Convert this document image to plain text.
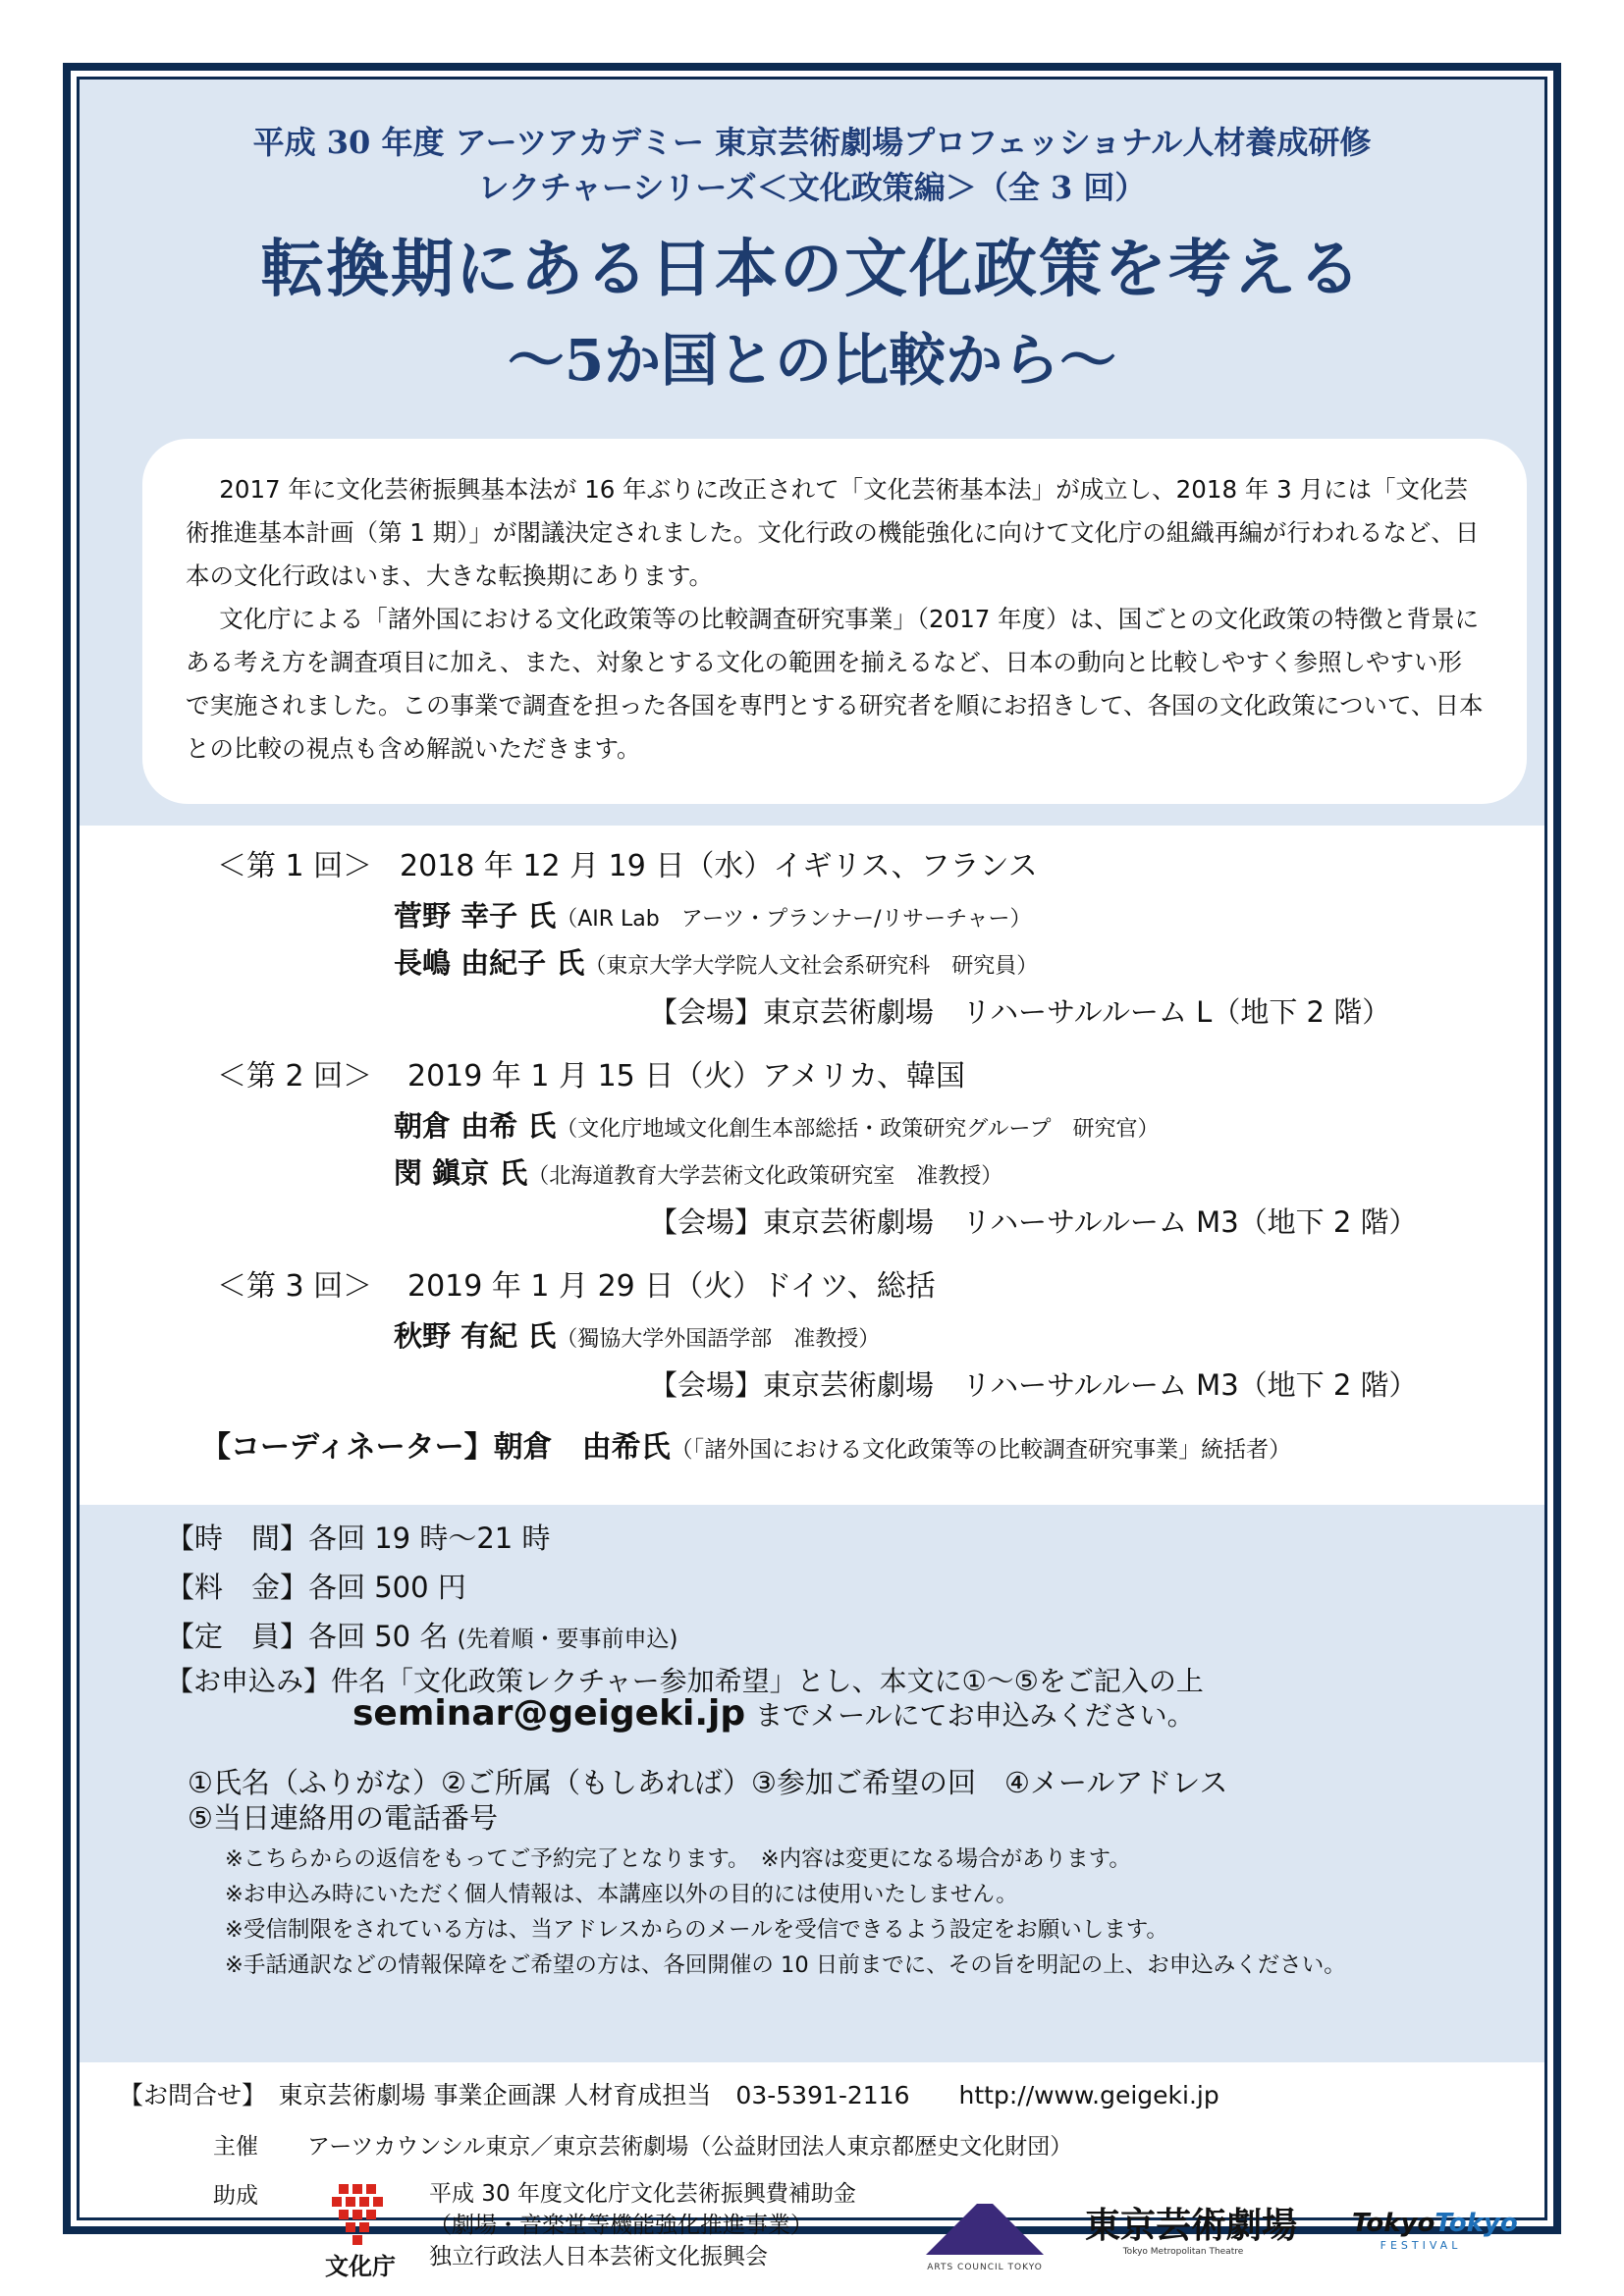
平成 30 年度 アーツアカデミー 東京芸術劇場プロフェッショナル人材養成研修
レクチャーシリーズ＜文化政策編＞（全 3 回）
転換期にある日本の文化政策を考える
～5か国との比較から～

2017 年に文化芸術振興基本法が 16 年ぶりに改正されて「文化芸術基本法」が成立し、2018 年 3 月には「文化芸術推進基本計画（第 1 期）」が閣議決定されました。文化行政の機能強化に向けて文化庁の組織再編が行われるなど、日本の文化行政はいま、大きな転換期にあります。

文化庁による「諸外国における文化政策等の比較調査研究事業」（2017 年度）は、国ごとの文化政策の特徴と背景にある考え方を調査項目に加え、また、対象とする文化の範囲を揃えるなど、日本の動向と比較しやすく参照しやすい形で実施されました。この事業で調査を担った各国を専門とする研究者を順にお招きして、各国の文化政策について、日本との比較の視点も含め解説いただきます。

＜第 1 回＞ 2018 年 12 月 19 日（水）イギリス、フランス
菅野 幸子 氏（AIR Lab　アーツ・プランナー/リサーチャー）
長嶋 由紀子 氏（東京大学大学院人文社会系研究科　研究員）
【会場】東京芸術劇場　リハーサルルーム L（地下 2 階）
＜第 2 回＞ 2019 年 1 月 15 日（火）アメリカ、韓国
朝倉 由希 氏（文化庁地域文化創生本部総括・政策研究グループ　研究官）
閔 鎭京 氏（北海道教育大学芸術文化政策研究室　准教授）
【会場】東京芸術劇場　リハーサルルーム M3（地下 2 階）
＜第 3 回＞ 2019 年 1 月 29 日（火）ドイツ、総括
秋野 有紀 氏（獨協大学外国語学部　准教授）
【会場】東京芸術劇場　リハーサルルーム M3（地下 2 階）
【コーディネーター】朝倉　由希氏（「諸外国における文化政策等の比較調査研究事業」統括者）
【時　間】各回 19 時～21 時
【料　金】各回 500 円
【定　員】各回 50 名 (先着順・要事前申込)
【お申込み】件名「文化政策レクチャー参加希望」とし、本文に①～⑤をご記入の上
seminar@geigeki.jp までメールにてお申込みください。
①氏名（ふりがな）②ご所属（もしあれば）③参加ご希望の回　④メールアドレス
⑤当日連絡用の電話番号
※こちらからの返信をもってご予約完了となります。　※内容は変更になる場合があります。
※お申込み時にいただく個人情報は、本講座以外の目的には使用いたしません。
※受信制限をされている方は、当アドレスからのメールを受信できるよう設定をお願いします。
※手話通訳などの情報保障をご希望の方は、各回開催の 10 日前までに、その旨を明記の上、お申込みください。
【お問合せ】　 東京芸術劇場 事業企画課 人材育成担当　03-5391-2116　　http://www.geigeki.jp
主催 アーツカウンシル東京／東京芸術劇場（公益財団法人東京都歴史文化財団）
助成	平成 30 年度文化庁文化芸術振興費補助金
（劇場・音楽堂等機能強化推進事業）
独立行政法人日本芸術文化振興会
文化庁	ARTS COUNCIL TOKYO
東京芸術劇場
Tokyo Metropolitan Theatre
TokyoTokyo
FESTIVAL
